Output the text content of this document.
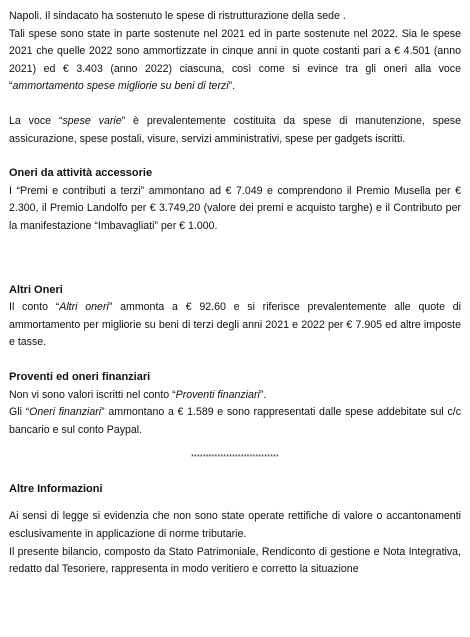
Napoli. Il sindacato ha sostenuto le spese di ristrutturazione della sede .

Tali spese sono state in parte sostenute nel 2021 ed in parte sostenute nel 2022. Sia le spese 2021 che quelle 2022 sono ammortizzate in cinque anni in quote costanti pari a € 4.501 (anno 2021) ed € 3.403 (anno 2022) ciascuna, così come si evince tra gli oneri alla voce “ammortamento spese migliorie su beni di terzi”.

La voce “spese varie” è prevalentemente costituita da spese di manutenzione, spese assicurazione, spese postali, visure, servizi amministrativi, spese per gadgets iscritti.

Oneri da attività accessorie

I “Premi e contributi a terzi” ammontano ad € 7.049 e comprendono il Premio Musella per € 2.300, il Premio Landolfo per € 3.749,20 (valore dei premi e acquisto targhe) e il Contributo per la manifestazione “Imbavagliati” per € 1.000.

Altri Oneri

Il conto “Altri oneri” ammonta a € 92.60 e si riferisce prevalentemente alle quote di ammortamento per migliorie su beni di terzi degli anni 2021 e 2022 per € 7.905 ed altre imposte e tasse.

Proventi ed oneri finanziari

Non vi sono valori iscritti nel conto “Proventi finanziari”.

Gli “Oneri finanziari” ammontano a € 1.589 e sono rappresentati dalle spese addebitate sul c/c bancario e sul conto Paypal.

******************************
Altre Informazioni

Ai sensi di legge si evidenzia che non sono state operate rettifiche di valore o accantonamenti esclusivamente in applicazione di norme tributarie.

Il presente bilancio, composto da Stato Patrimoniale, Rendiconto di gestione e Nota Integrativa, redatto dal Tesoriere, rappresenta in modo veritiero e corretto la situazione
